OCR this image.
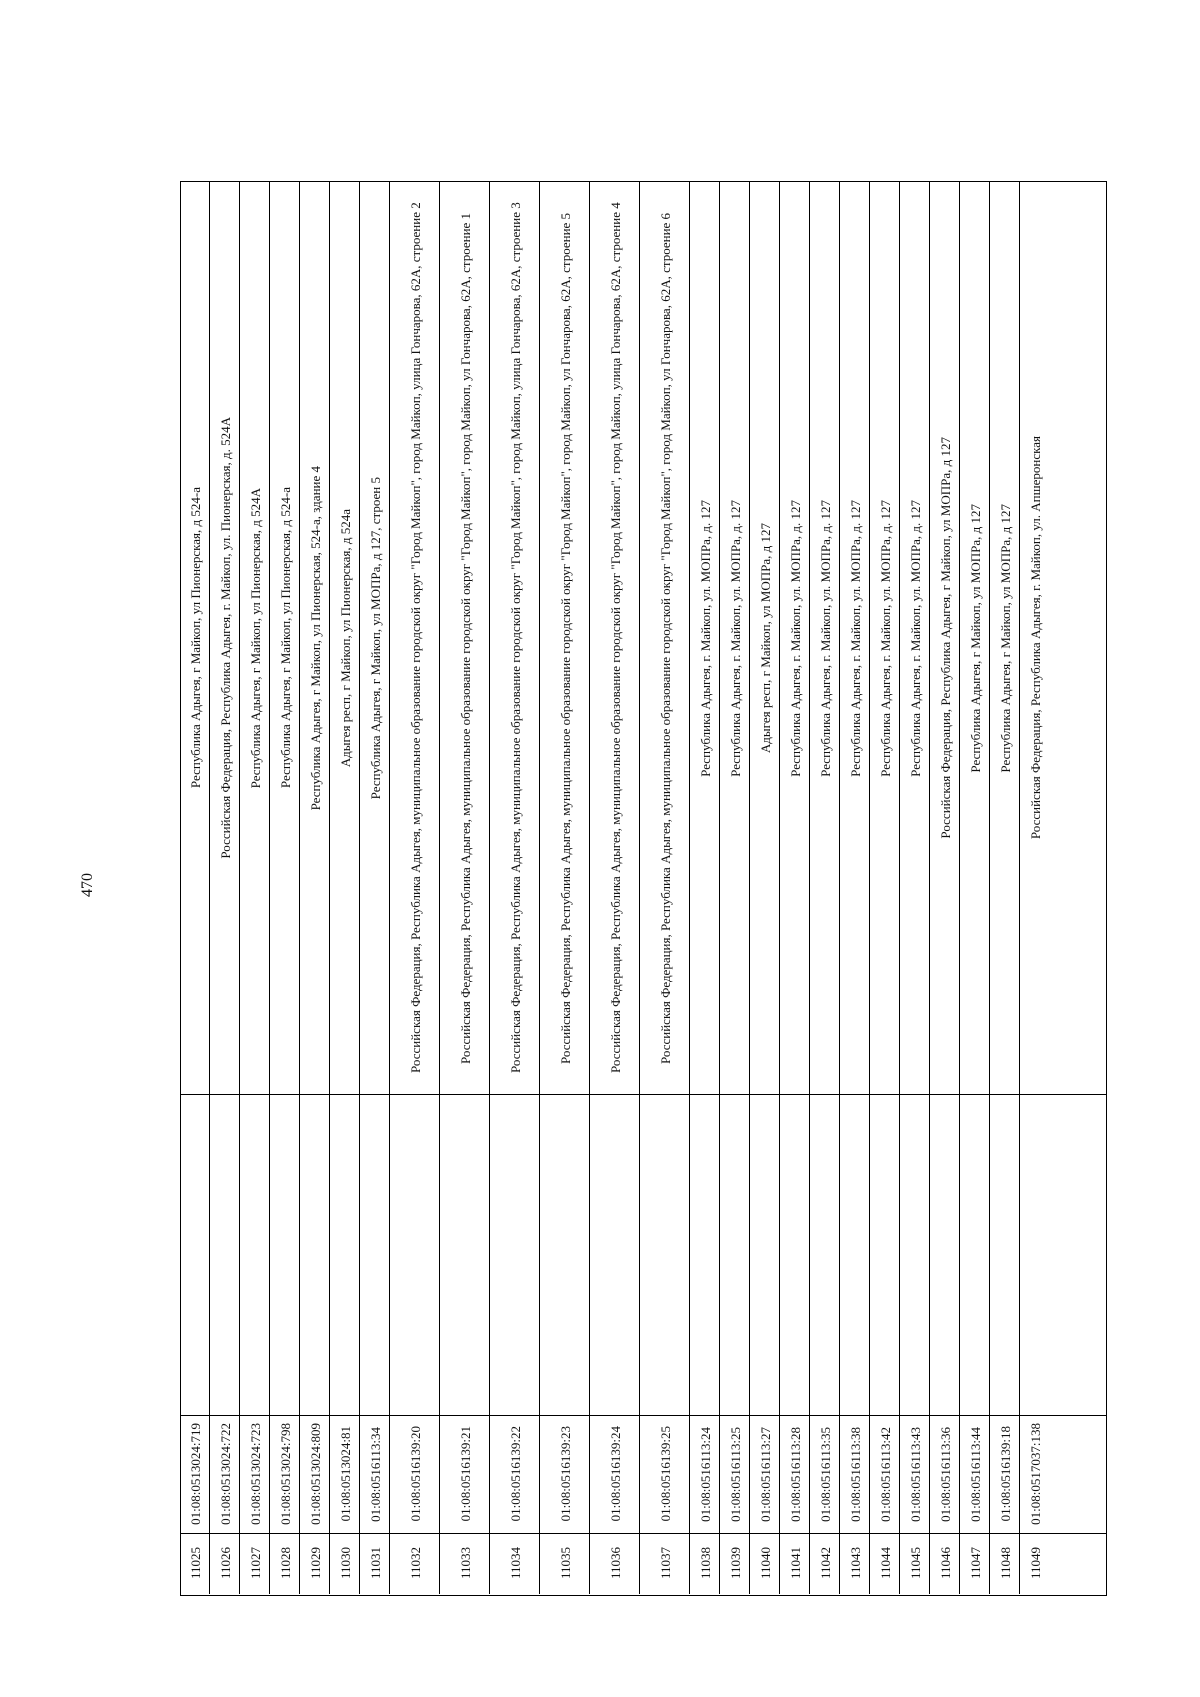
470
11025
01:08:0513024:719
Республика Адыгея, г Майкоп, ул Пионерская, д 524-а
11026
01:08:0513024:722
Российская Федерация, Республика Адыгея, г. Майкоп, ул. Пионерская, д. 524А
11027
01:08:0513024:723
Республика Адыгея, г Майкоп, ул Пионерская, д 524А
11028
01:08:0513024:798
Республика Адыгея, г Майкоп, ул Пионерская, д 524-а
11029
01:08:0513024:809
Республика Адыгея, г Майкоп, ул Пионерская, 524-а, здание 4
11030
01:08:0513024:81
Адыгея респ, г Майкоп, ул Пионерская, д 524а
11031
01:08:0516113:34
Республика Адыгея, г Майкоп, ул МОПРа, д 127, строен 5
11032
01:08:0516139:20
Российская Федерация, Республика Адыгея, муниципальное образование городской округ "Город Майкоп", город Майкоп, улица Гончарова, 62А, строение 2
11033
01:08:0516139:21
Российская Федерация, Республика Адыгея, муниципальное образование городской округ "Город Майкоп", город Майкоп, ул Гончарова, 62А, строение 1
11034
01:08:0516139:22
Российская Федерация, Республика Адыгея, муниципальное образование городской округ "Город Майкоп", город Майкоп, улица Гончарова, 62А, строение 3
11035
01:08:0516139:23
Российская Федерация, Республика Адыгея, муниципальное образование городской округ "Город Майкоп", город Майкоп, ул Гончарова, 62А, строение 5
11036
01:08:0516139:24
Российская Федерация, Республика Адыгея, муниципальное образование городской округ "Город Майкоп", город Майкоп, улица Гончарова, 62А, строение 4
11037
01:08:0516139:25
Российская Федерация, Республика Адыгея, муниципальное образование городской округ "Город Майкоп", город Майкоп, ул Гончарова, 62А, строение 6
11038
01:08:0516113:24
Республика Адыгея, г. Майкоп, ул. МОПРа, д. 127
11039
01:08:0516113:25
Республика Адыгея, г. Майкоп, ул. МОПРа, д. 127
11040
01:08:0516113:27
Адыгея респ, г Майкоп, ул МОПРа, д 127
11041
01:08:0516113:28
Республика Адыгея, г. Майкоп, ул. МОПРа, д. 127
11042
01:08:0516113:35
Республика Адыгея, г. Майкоп, ул. МОПРа, д. 127
11043
01:08:0516113:38
Республика Адыгея, г. Майкоп, ул. МОПРа, д. 127
11044
01:08:0516113:42
Республика Адыгея, г. Майкоп, ул. МОПРа, д. 127
11045
01:08:0516113:43
Республика Адыгея, г. Майкоп, ул. МОПРа, д. 127
11046
01:08:0516113:36
Российская Федерация, Республика Адыгея, г Майкоп, ул МОПРа, д 127
11047
01:08:0516113:44
Республика Адыгея, г Майкоп, ул МОПРа, д 127
11048
01:08:0516139:18
Республика Адыгея, г Майкоп, ул МОПРа, д 127
11049
01:08:0517037:138
Российская Федерация, Республика Адыгея, г. Майкоп, ул. Апшеронская
